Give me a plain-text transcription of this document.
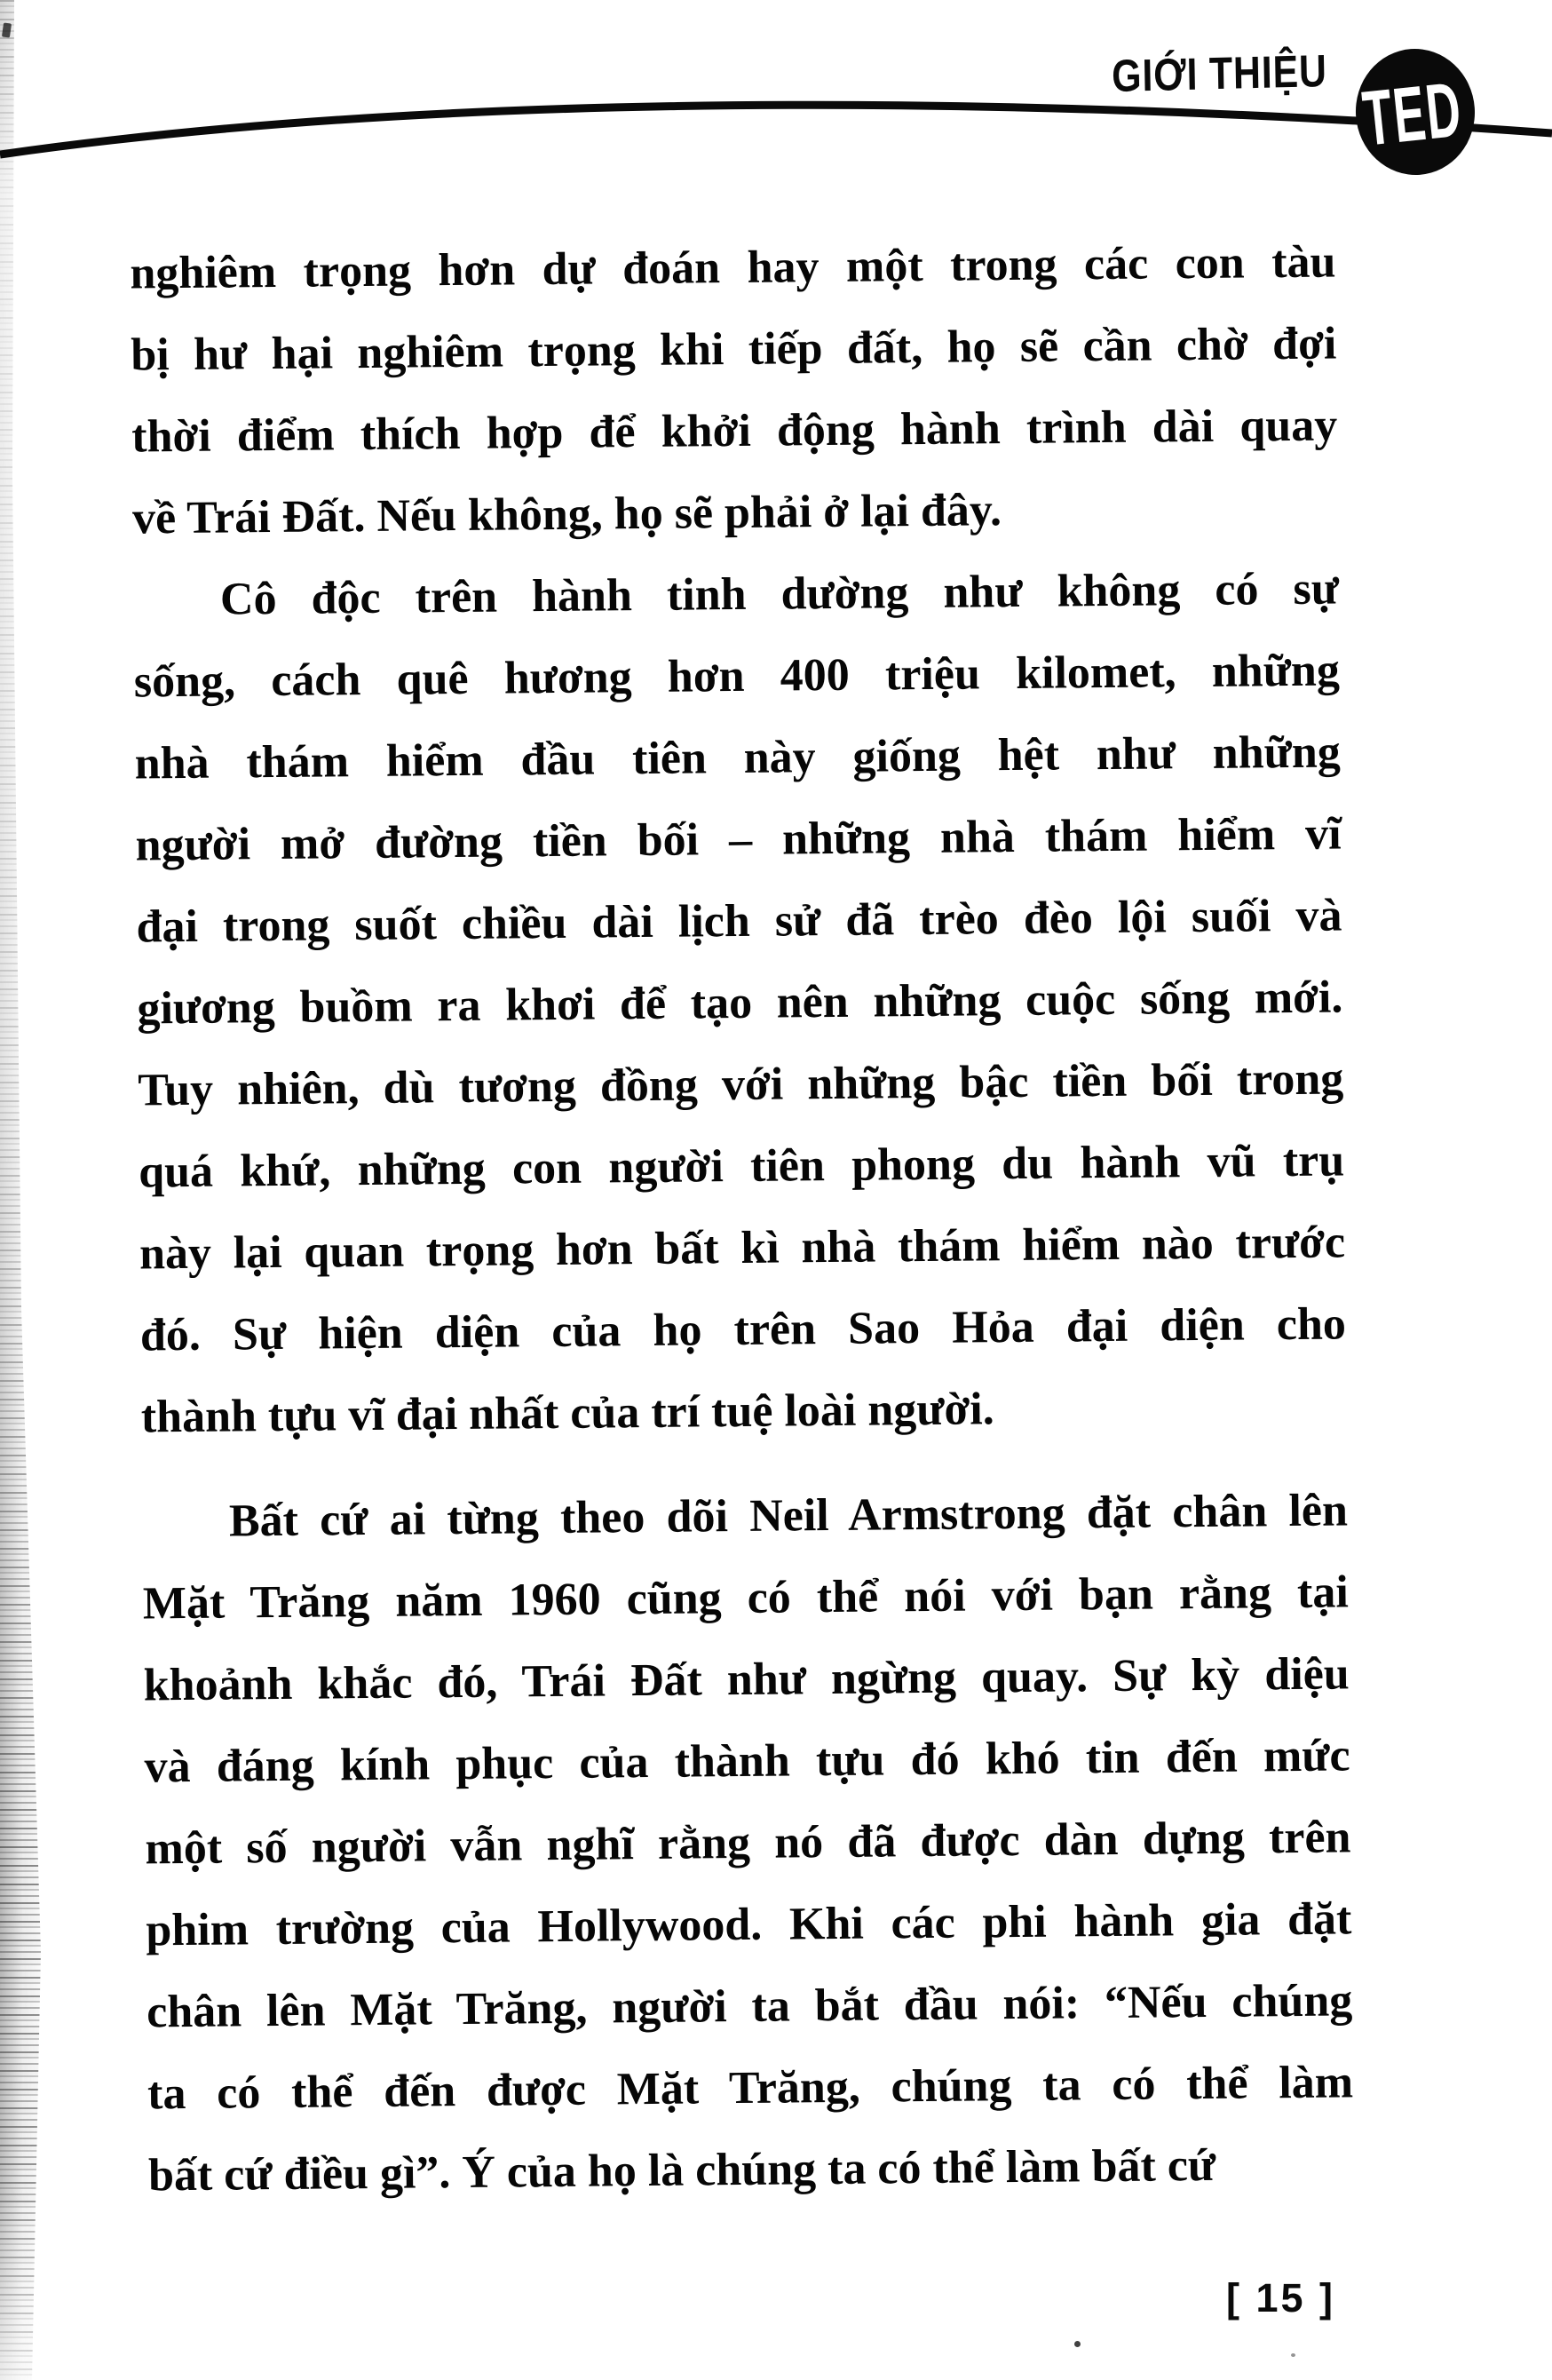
TED
GIỚI THIỆU
nghiêm trọng hơn dự đoán hay một trong các con tàu
bị hư hại nghiêm trọng khi tiếp đất, họ sẽ cần chờ đợi
thời điểm thích hợp để khởi động hành trình dài quay
về Trái Đất. Nếu không, họ sẽ phải ở lại đây.
Cô độc trên hành tinh dường như không có sự
sống, cách quê hương hơn 400 triệu kilomet, những
nhà thám hiểm đầu tiên này giống hệt như những
người mở đường tiền bối – những nhà thám hiểm vĩ
đại trong suốt chiều dài lịch sử đã trèo đèo lội suối và
giương buồm ra khơi để tạo nên những cuộc sống mới.
Tuy nhiên, dù tương đồng với những bậc tiền bối trong
quá khứ, những con người tiên phong du hành vũ trụ
này lại quan trọng hơn bất kì nhà thám hiểm nào trước
đó. Sự hiện diện của họ trên Sao Hỏa đại diện cho
thành tựu vĩ đại nhất của trí tuệ loài người.
Bất cứ ai từng theo dõi Neil Armstrong đặt chân lên
Mặt Trăng năm 1960 cũng có thể nói với bạn rằng tại
khoảnh khắc đó, Trái Đất như ngừng quay. Sự kỳ diệu
và đáng kính phục của thành tựu đó khó tin đến mức
một số người vẫn nghĩ rằng nó đã được dàn dựng trên
phim trường của Hollywood. Khi các phi hành gia đặt
chân lên Mặt Trăng, người ta bắt đầu nói: “Nếu chúng
ta có thể đến được Mặt Trăng, chúng ta có thể làm
bất cứ điều gì”. Ý của họ là chúng ta có thể làm bất cứ
[ 15 ]
